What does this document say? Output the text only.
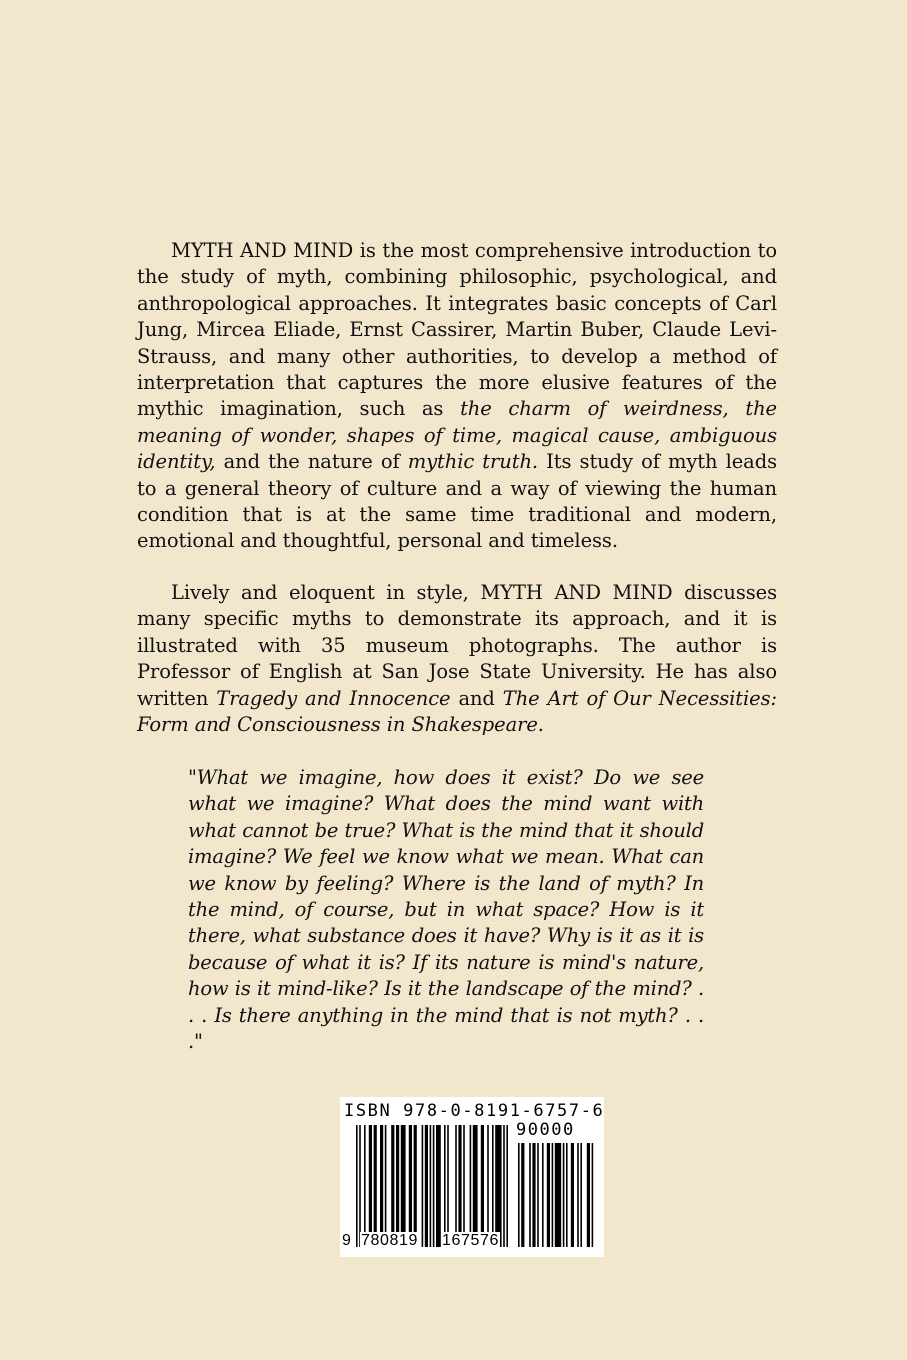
MYTH AND MIND is the most comprehensive introduction to the study of myth, combining philosophic, psychological, and anthropological approaches. It integrates basic concepts of Carl Jung, Mircea Eliade, Ernst Cassirer, Martin Buber, Claude Levi-Strauss, and many other authorities, to develop a method of interpretation that captures the more elusive features of the mythic imagination, such as the charm of weirdness, the meaning of wonder, shapes of time, magical cause, ambiguous identity, and the nature of mythic truth. Its study of myth leads to a general theory of culture and a way of viewing the human condition that is at the same time traditional and modern, emotional and thoughtful, personal and timeless.

Lively and eloquent in style, MYTH AND MIND discusses many specific myths to demonstrate its approach, and it is illustrated with 35 museum photographs. The author is Professor of English at San Jose State University. He has also written Tragedy and Innocence and The Art of Our Necessities: Form and Consciousness in Shakespeare.

"What we imagine, how does it exist? Do we see what we imagine? What does the mind want with what cannot be true? What is the mind that it should imagine? We feel we know what we mean. What can we know by feeling? Where is the land of myth? In the mind, of course, but in what space? How is it there, what substance does it have? Why is it as it is because of what it is? If its nature is mind's nature, how is it mind-like? Is it the landscape of the mind? . . . Is there anything in the mind that is not myth? . . ."
ISBN 978-0-8191-6757-6
90000
9 780819 167576
